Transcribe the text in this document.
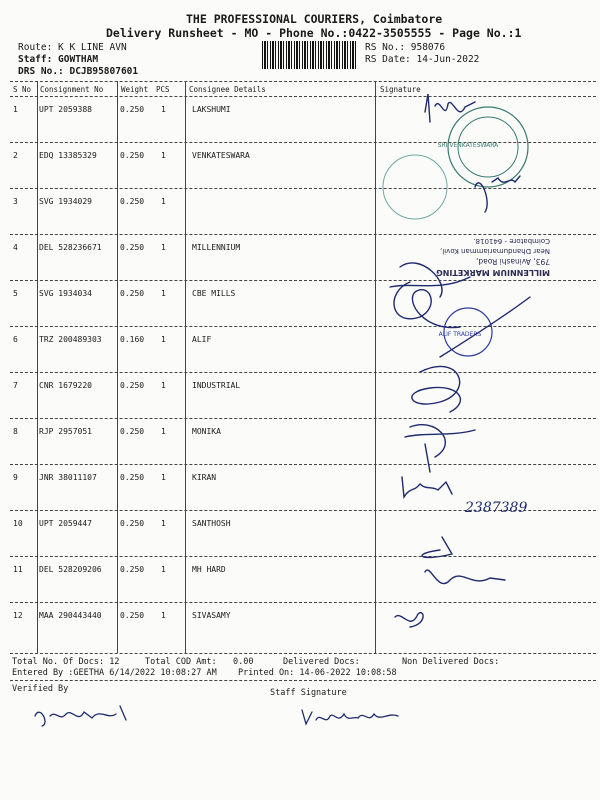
THE PROFESSIONAL COURIERS, Coimbatore
Delivery Runsheet - MO - Phone No.:0422-3505555 - Page No.:1
Route: K K LINE AVN
Staff: GOWTHAM
DRS No.: DCJB95807601
RS No.: 958076
RS Date: 14-Jun-2022
S No Consignment No Weight PCS	Consignee Details	Signature
1	UPT 2059388	0.250 1	LAKSHUMI
2	EDQ 13385329	0.250 1	VENKATESWARA
3	SVG 1934029	0.250 1
4	DEL 528236671 0.250 1	MILLENNIUM
5	SVG 1934034	0.250 1	CBE MILLS
6	TRZ 200489303 0.160 1	ALIF
7	CNR 1679220	0.250 1	INDUSTRIAL
8	RJP 2957051	0.250 1	MONIKA
9	JNR 38011107	0.250 1	KIRAN
10 UPT 2059447	0.250 1	SANTHOSH
11 DEL 528209206 0.250 1	MH HARD
12 MAA 290443440 0.250 1	SIVASAMY
SRI VENKATESWARA
MILLENNIUM MARKETING
793, Avinashi Road,
Near Dhandumariamman Kovil,
Coimbatore - 641018.
ALIF TRADERS
2387389
Total No. Of Docs: 12	Total COD Amt: 0.00	Delivered Docs:	Non Delivered Docs:
Entered By :GEETHA 6/14/2022 10:08:27 AM	Printed On: 14-06-2022 10:08:58
Verified By	Staff Signature
